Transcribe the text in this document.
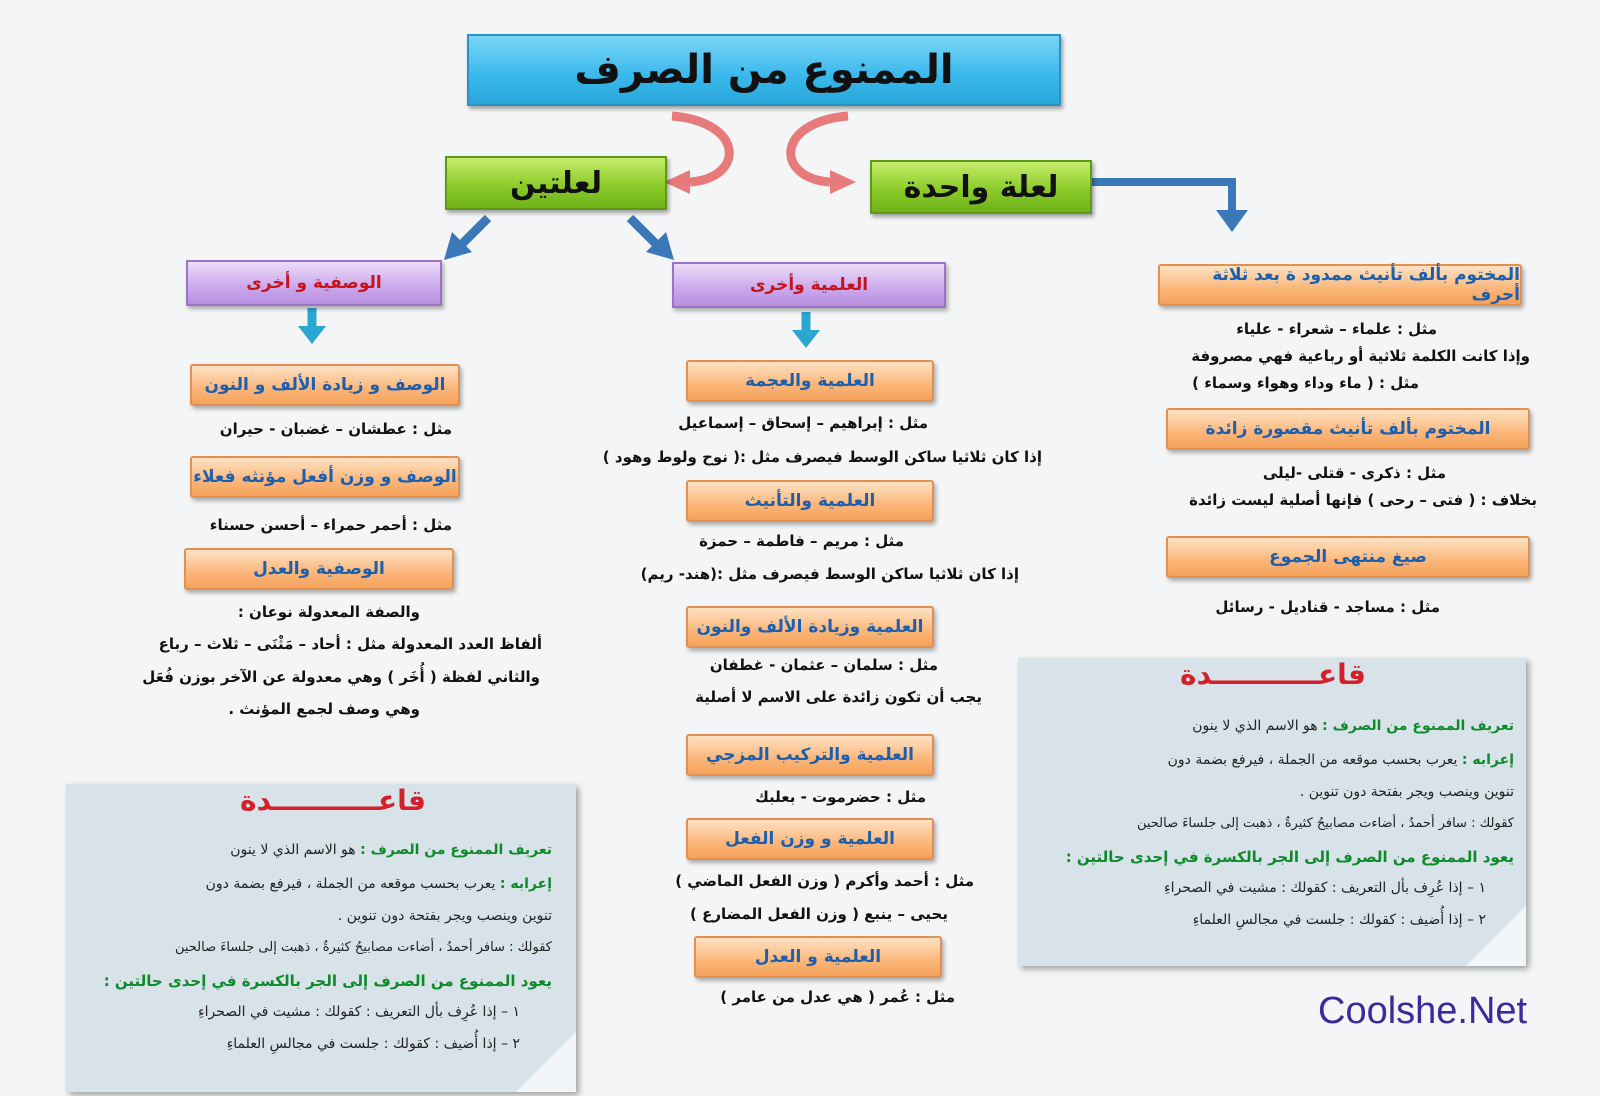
الممنوع من الصرف
لعلة واحدة
لعلتين
المختوم بألف تأنيث ممدود ة بعد ثلاثة أحرف
مثل : علماء – شعراء - علياء
وإذا كانت الكلمة ثلاثية أو رباعية فهي مصروفة
مثل : ( ماء وداء وهواء وسماء )
المختوم بألف تأنيث مقصورة زائدة
مثل : ذكرى - قتلى -ليلى
بخلاف : ( فتى – رحى ) فإنها أصلية ليست زائدة
صيغ منتهى الجموع
مثل : مساجد - قناديل - رسائل
العلمية وأخرى
العلمية والعجمة
مثل : إبراهيم – إسحاق – إسماعيل
إذا كان ثلاثيا ساكن الوسط فيصرف مثل :( نوح ولوط وهود )
العلمية والتأنيث
مثل : مريم – فاطمة – حمزة
إذا كان ثلاثيا ساكن الوسط فيصرف مثل :(هند- ريم)
العلمية وزيادة الألف والنون
مثل : سلمان – عثمان - غطفان
يجب أن تكون زائدة على الاسم لا أصلية
العلمية والتركيب المزجي
مثل : حضرموت - بعلبك
العلمية و وزن الفعل
مثل : أحمد وأكرم ( وزن الفعل الماضي )
يحيى – ينبع ( وزن الفعل المضارع )
العلمية و العدل
مثل : عُمر ( هي عدل من عامر )
الوصفية و أخرى
الوصف و زيادة الألف و النون
مثل : عطشان – غضبان - حيران
الوصف و وزن أفعل مؤنثه فعلاء
مثل : أحمر حمراء – أحسن حسناء
الوصفية والعدل
والصفة المعدولة نوعان :
ألفاظ العدد المعدولة مثل : أحاد – مَثْنَى – ثلاث – رباع
والثاني لفظة ( أُخَر ) وهي معدولة عن الآخر بوزن فُعَل
وهي وصف لجمع المؤنث .
قاعـــــــــــدة
تعريف الممنوع من الصرف : هو الاسم الذي لا ينون
إعرابه : يعرب بحسب موقعه من الجملة ، فيرفع بضمة دون
تنوين وينصب ويجر بفتحة دون تنوين .
كقولك : سافر أحمدُ ، أضاءت مصابيحُ كثيرةٌ ، ذهبت إلى جلساءَ صالحين
يعود الممنوع من الصرف إلى الجر بالكسرة في إحدى حالتين :
١ – إذا عُرِف بأل التعريف : كقولك : مشيت في الصحراءِ
٢ – إذا أُضيف : كقولك : جلست في مجالسِ العلماءِ
قاعـــــــــــدة
تعريف الممنوع من الصرف : هو الاسم الذي لا ينون
إعرابه : يعرب بحسب موقعه من الجملة ، فيرفع بضمة دون
تنوين وينصب ويجر بفتحة دون تنوين .
كقولك : سافر أحمدُ ، أضاءت مصابيحُ كثيرةٌ ، ذهبت إلى جلساءَ صالحين
يعود الممنوع من الصرف إلى الجر بالكسرة في إحدى حالتين :
١ – إذا عُرِف بأل التعريف : كقولك : مشيت في الصحراءِ
٢ – إذا أُضيف : كقولك : جلست في مجالسِ العلماءِ
Coolshe.Net
